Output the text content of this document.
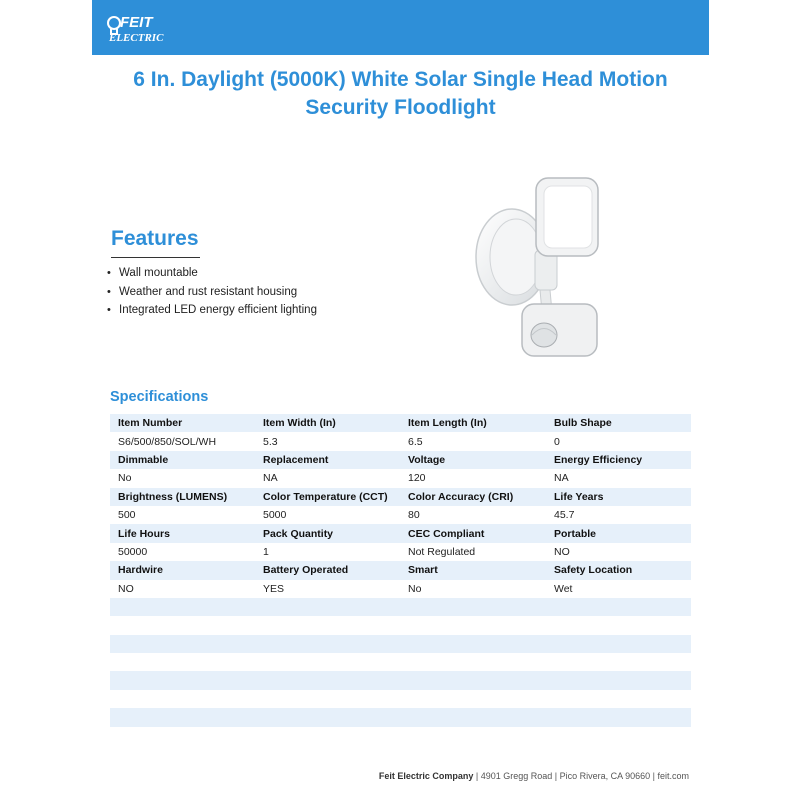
FEIT
ELECTRIC
6 In. Daylight (5000K) White Solar Single Head Motion Security Floodlight
Features
• Wall mountable
• Weather and rust resistant housing
• Integrated LED energy efficient lighting
Specifications
Item Number	Item Width (In)	Item Length (In)	Bulb Shape
S6/500/850/SOL/WH	5.3	6.5	0
Dimmable	Replacement	Voltage	Energy Efficiency
No	NA	120	NA
Brightness (LUMENS)	Color Temperature (CCT)	Color Accuracy (CRI)	Life Years
500	5000	80	45.7
Life Hours	Pack Quantity	CEC Compliant	Portable
50000	1	Not Regulated	NO
Hardwire	Battery Operated	Smart	Safety Location
NO	YES	No	Wet

Feit Electric Company | 4901 Gregg Road | Pico Rivera, CA 90660 | feit.com
